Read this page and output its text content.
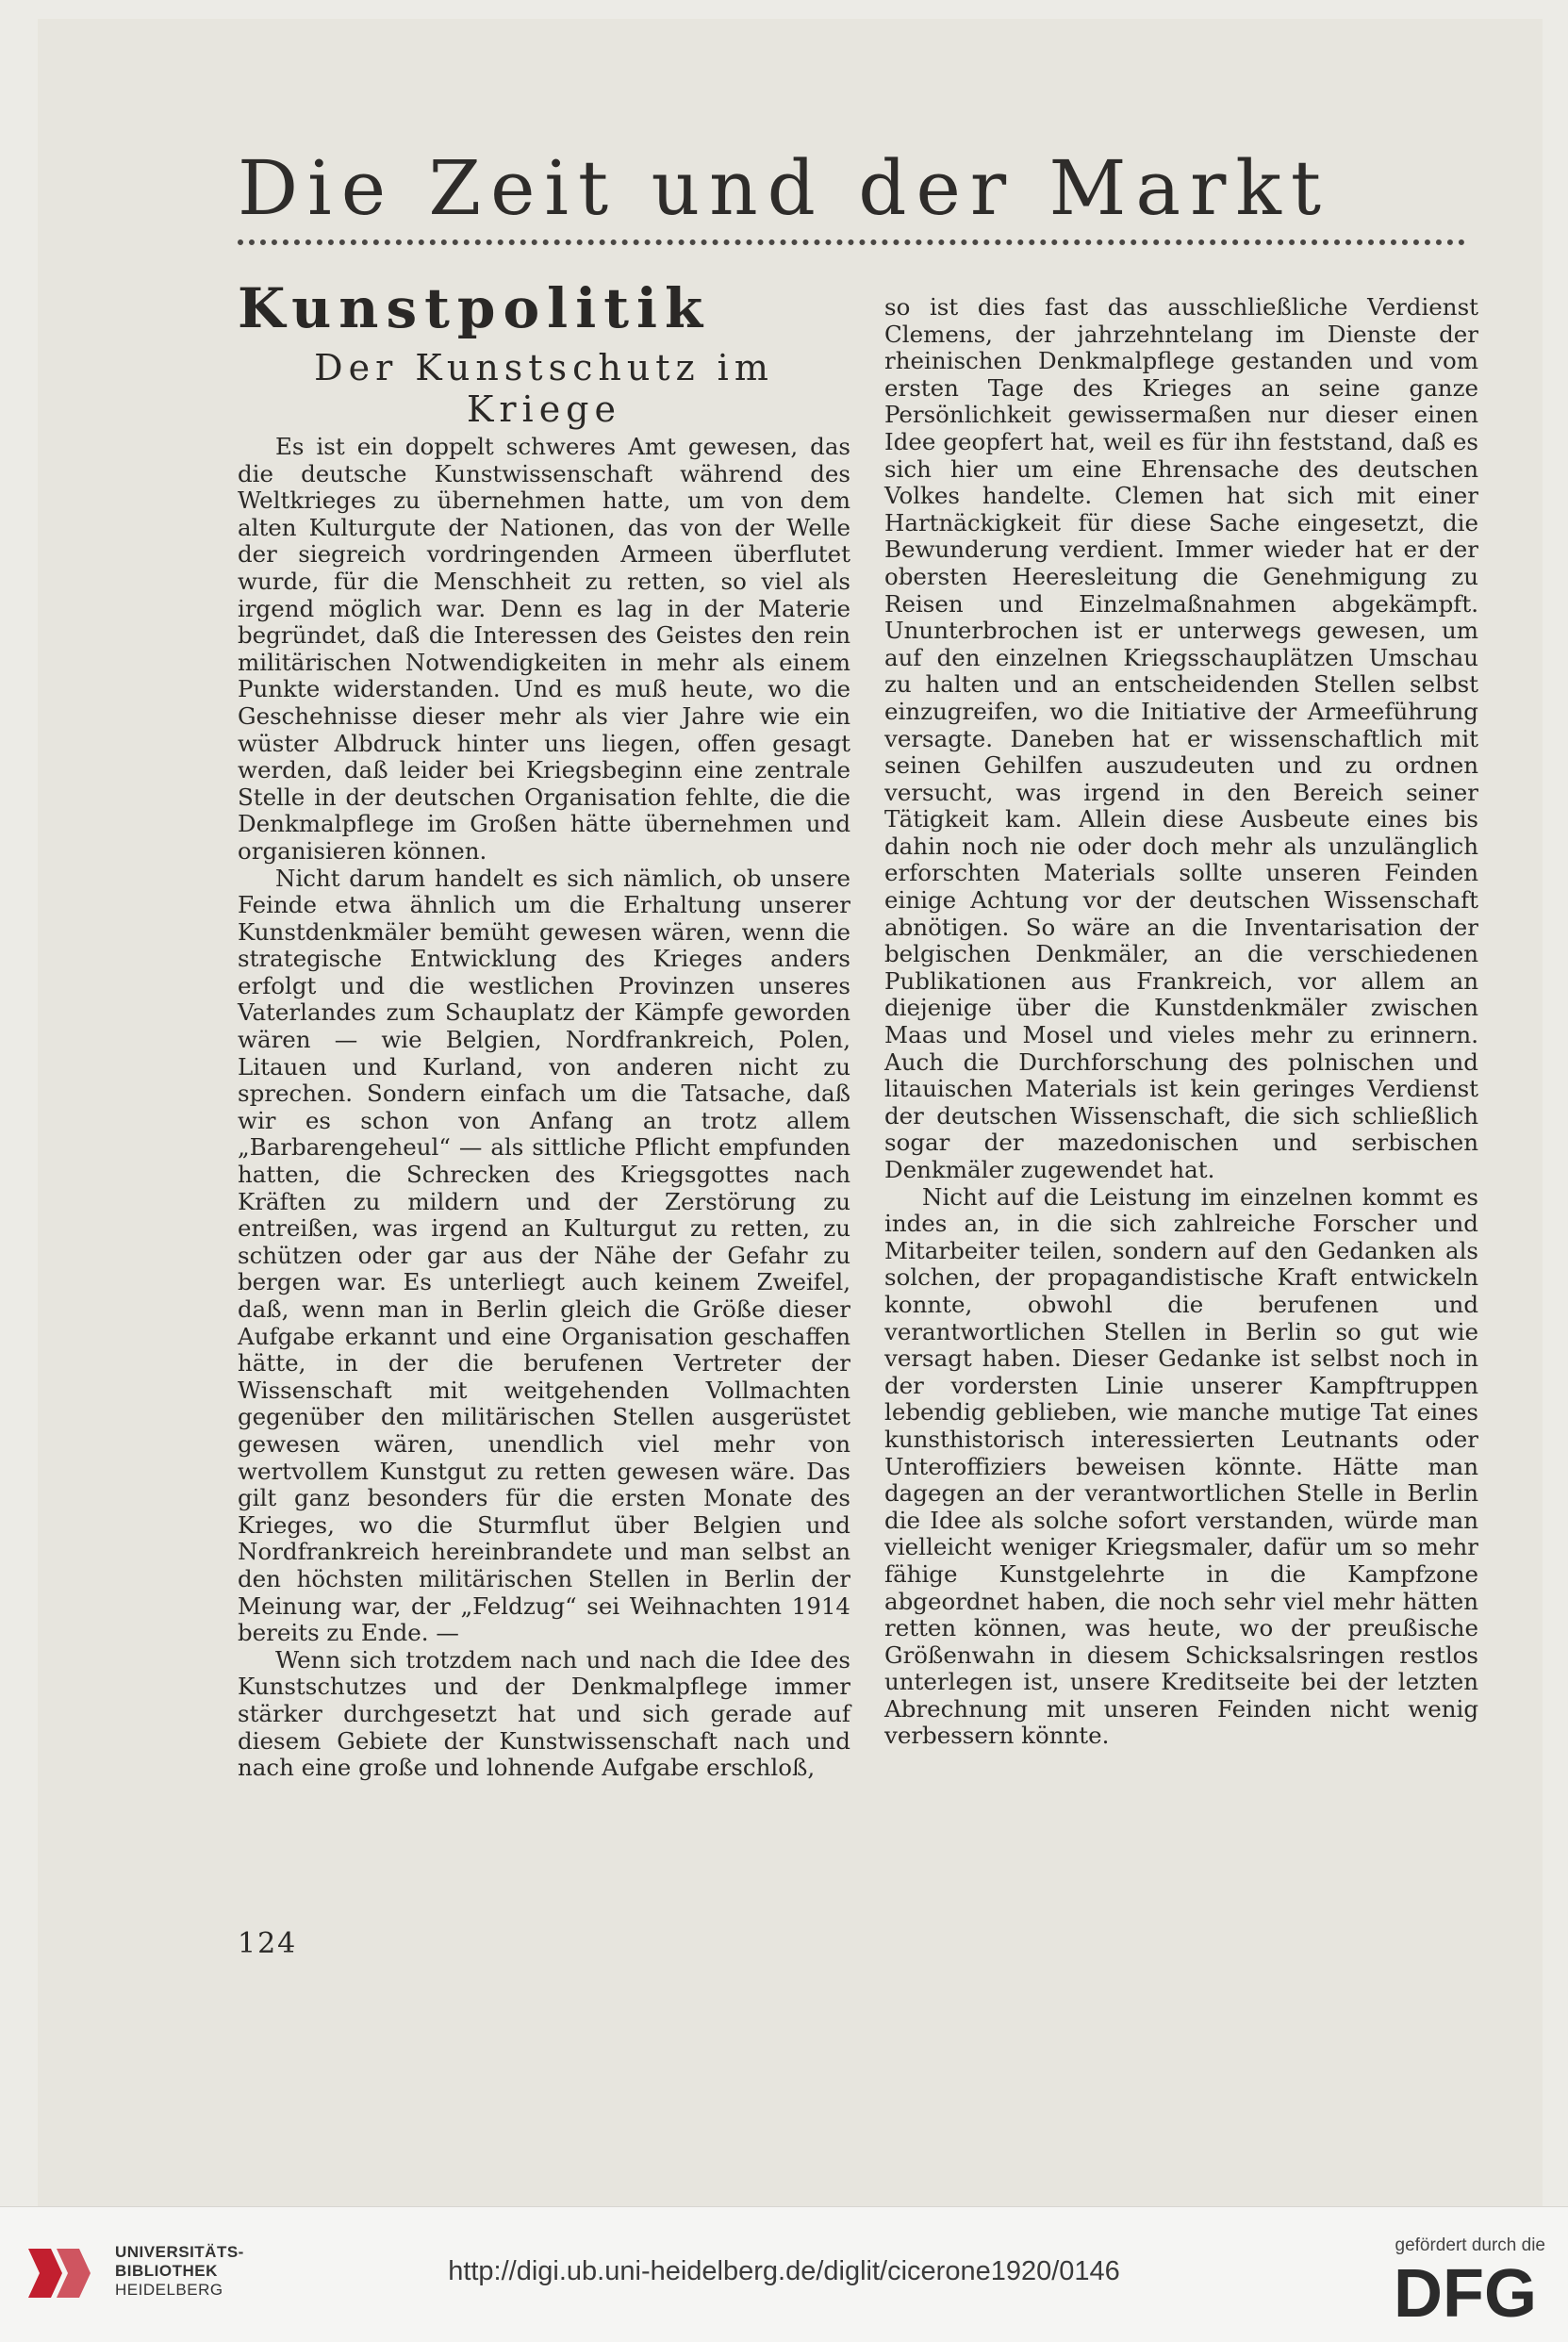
Die Zeit und der Markt
Kunstpolitik
Der Kunstschutz im Kriege

Es ist ein doppelt schweres Amt gewesen, das die deutsche Kunstwissenschaft während des Weltkrieges zu übernehmen hatte, um von dem alten Kulturgute der Nationen, das von der Welle der siegreich vordringenden Armeen überflutet wurde, für die Menschheit zu retten, so viel als irgend möglich war. Denn es lag in der Materie begründet, daß die Interessen des Geistes den rein militärischen Notwendigkeiten in mehr als einem Punkte widerstanden. Und es muß heute, wo die Geschehnisse dieser mehr als vier Jahre wie ein wüster Albdruck hinter uns liegen, offen gesagt werden, daß leider bei Kriegsbeginn eine zentrale Stelle in der deutschen Organisation fehlte, die die Denkmalpflege im Großen hätte übernehmen und organisieren können.

Nicht darum handelt es sich nämlich, ob unsere Feinde etwa ähnlich um die Erhaltung unserer Kunstdenkmäler bemüht gewesen wären, wenn die strategische Entwicklung des Krieges anders erfolgt und die westlichen Provinzen unseres Vaterlandes zum Schauplatz der Kämpfe geworden wären — wie Belgien, Nordfrankreich, Polen, Litauen und Kurland, von anderen nicht zu sprechen. Sondern einfach um die Tatsache, daß wir es schon von Anfang an trotz allem „Barbarengeheul“ — als sittliche Pflicht empfunden hatten, die Schrecken des Kriegsgottes nach Kräften zu mildern und der Zerstörung zu entreißen, was irgend an Kulturgut zu retten, zu schützen oder gar aus der Nähe der Gefahr zu bergen war. Es unterliegt auch keinem Zweifel, daß, wenn man in Berlin gleich die Größe dieser Aufgabe erkannt und eine Organisation geschaffen hätte, in der die berufenen Vertreter der Wissenschaft mit weitgehenden Vollmachten gegenüber den militärischen Stellen ausgerüstet gewesen wären, unendlich viel mehr von wertvollem Kunstgut zu retten gewesen wäre. Das gilt ganz besonders für die ersten Monate des Krieges, wo die Sturmflut über Belgien und Nordfrankreich hereinbrandete und man selbst an den höchsten militärischen Stellen in Berlin der Meinung war, der „Feldzug“ sei Weihnachten 1914 bereits zu Ende. —

Wenn sich trotzdem nach und nach die Idee des Kunstschutzes und der Denkmalpflege immer stärker durchgesetzt hat und sich gerade auf diesem Gebiete der Kunstwissenschaft nach und nach eine große und lohnende Aufgabe erschloß,

so ist dies fast das ausschließliche Verdienst Clemens, der jahrzehntelang im Dienste der rheinischen Denkmalpflege gestanden und vom ersten Tage des Krieges an seine ganze Persönlichkeit gewissermaßen nur dieser einen Idee geopfert hat, weil es für ihn feststand, daß es sich hier um eine Ehrensache des deutschen Volkes handelte. Clemen hat sich mit einer Hartnäckigkeit für diese Sache eingesetzt, die Bewunderung verdient. Immer wieder hat er der obersten Heeresleitung die Genehmigung zu Reisen und Einzelmaßnahmen abgekämpft. Ununterbrochen ist er unterwegs gewesen, um auf den einzelnen Kriegsschauplätzen Umschau zu halten und an entscheidenden Stellen selbst einzugreifen, wo die Initiative der Armeeführung versagte. Daneben hat er wissenschaftlich mit seinen Gehilfen auszudeuten und zu ordnen versucht, was irgend in den Bereich seiner Tätigkeit kam. Allein diese Ausbeute eines bis dahin noch nie oder doch mehr als unzulänglich erforschten Materials sollte unseren Feinden einige Achtung vor der deutschen Wissenschaft abnötigen. So wäre an die Inventarisation der belgischen Denkmäler, an die verschiedenen Publikationen aus Frankreich, vor allem an diejenige über die Kunstdenkmäler zwischen Maas und Mosel und vieles mehr zu erinnern. Auch die Durchforschung des polnischen und litauischen Materials ist kein geringes Verdienst der deutschen Wissenschaft, die sich schließlich sogar der mazedonischen und serbischen Denkmäler zugewendet hat.

Nicht auf die Leistung im einzelnen kommt es indes an, in die sich zahlreiche Forscher und Mitarbeiter teilen, sondern auf den Gedanken als solchen, der propagandistische Kraft entwickeln konnte, obwohl die berufenen und verantwortlichen Stellen in Berlin so gut wie versagt haben. Dieser Gedanke ist selbst noch in der vordersten Linie unserer Kampftruppen lebendig geblieben, wie manche mutige Tat eines kunsthistorisch interessierten Leutnants oder Unteroffiziers beweisen könnte. Hätte man dagegen an der verantwortlichen Stelle in Berlin die Idee als solche sofort verstanden, würde man vielleicht weniger Kriegsmaler, dafür um so mehr fähige Kunstgelehrte in die Kampfzone abgeordnet haben, die noch sehr viel mehr hätten retten können, was heute, wo der preußische Größenwahn in diesem Schicksalsringen restlos unterlegen ist, unsere Kreditseite bei der letzten Abrechnung mit unseren Feinden nicht wenig verbessern könnte.

124
UNIVERSITÄTS-
BIBLIOTHEK
HEIDELBERG
http://digi.ub.uni-heidelberg.de/diglit/cicerone1920/0146
gefördert durch die
DFG
